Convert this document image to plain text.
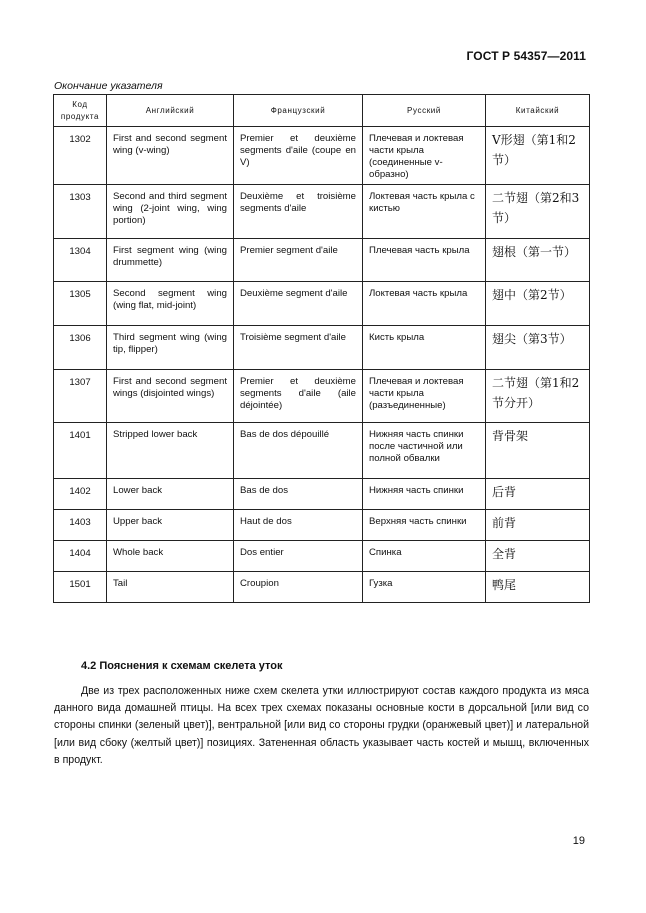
ГОСТ Р 54357—2011
Окончание указателя
Код продукта	Английский	Французский	Русский	Китайский
1302	First and second segment wing (v-wing)	Premier et deuxième segments d'aile (coupe en V)	Плечевая и локтевая части крыла (соединенные v-образно)	V形翅（第1和2节）
1303	Second and third segment wing (2-joint wing, wing portion)	Deuxième et troisième segments d'aile	Локтевая часть крыла с кистью	二节翅（第2和3节）
1304	First segment wing (wing drummette)	Premier segment d'aile	Плечевая часть крыла	翅根（第一节）
1305	Second segment wing (wing flat, mid-joint)	Deuxième segment d'aile	Локтевая часть крыла	翅中（第2节）
1306	Third segment wing (wing tip, flipper)	Troisième segment d'aile	Кисть крыла	翅尖（第3节）
1307	First and second segment wings (disjointed wings)	Premier et deuxième segments d'aile (aile déjointée)	Плечевая и локтевая части крыла (разъединенные)	二节翅（第1和2节分开）
1401	Stripped lower back	Bas de dos dépouillé	Нижняя часть спинки после частичной или полной обвалки	背骨架
1402	Lower back	Bas de dos	Нижняя часть спинки	后背
1403	Upper back	Haut de dos	Верхняя часть спинки	前背
1404	Whole back	Dos entier	Спинка	全背
1501	Tail	Croupion	Гузка	鸭尾
4.2 Пояснения к схемам скелета уток
Две из трех расположенных ниже схем скелета утки иллюстрируют состав каждого продукта из мяса данного вида домашней птицы. На всех трех схемах показаны основные кости в дорсальной [или вид со стороны спинки (зеленый цвет)], вентральной [или вид со стороны грудки (оранжевый цвет)] и латеральной [или вид сбоку (желтый цвет)] позициях. Затененная область указывает часть костей и мышц, включенных в продукт.
19
